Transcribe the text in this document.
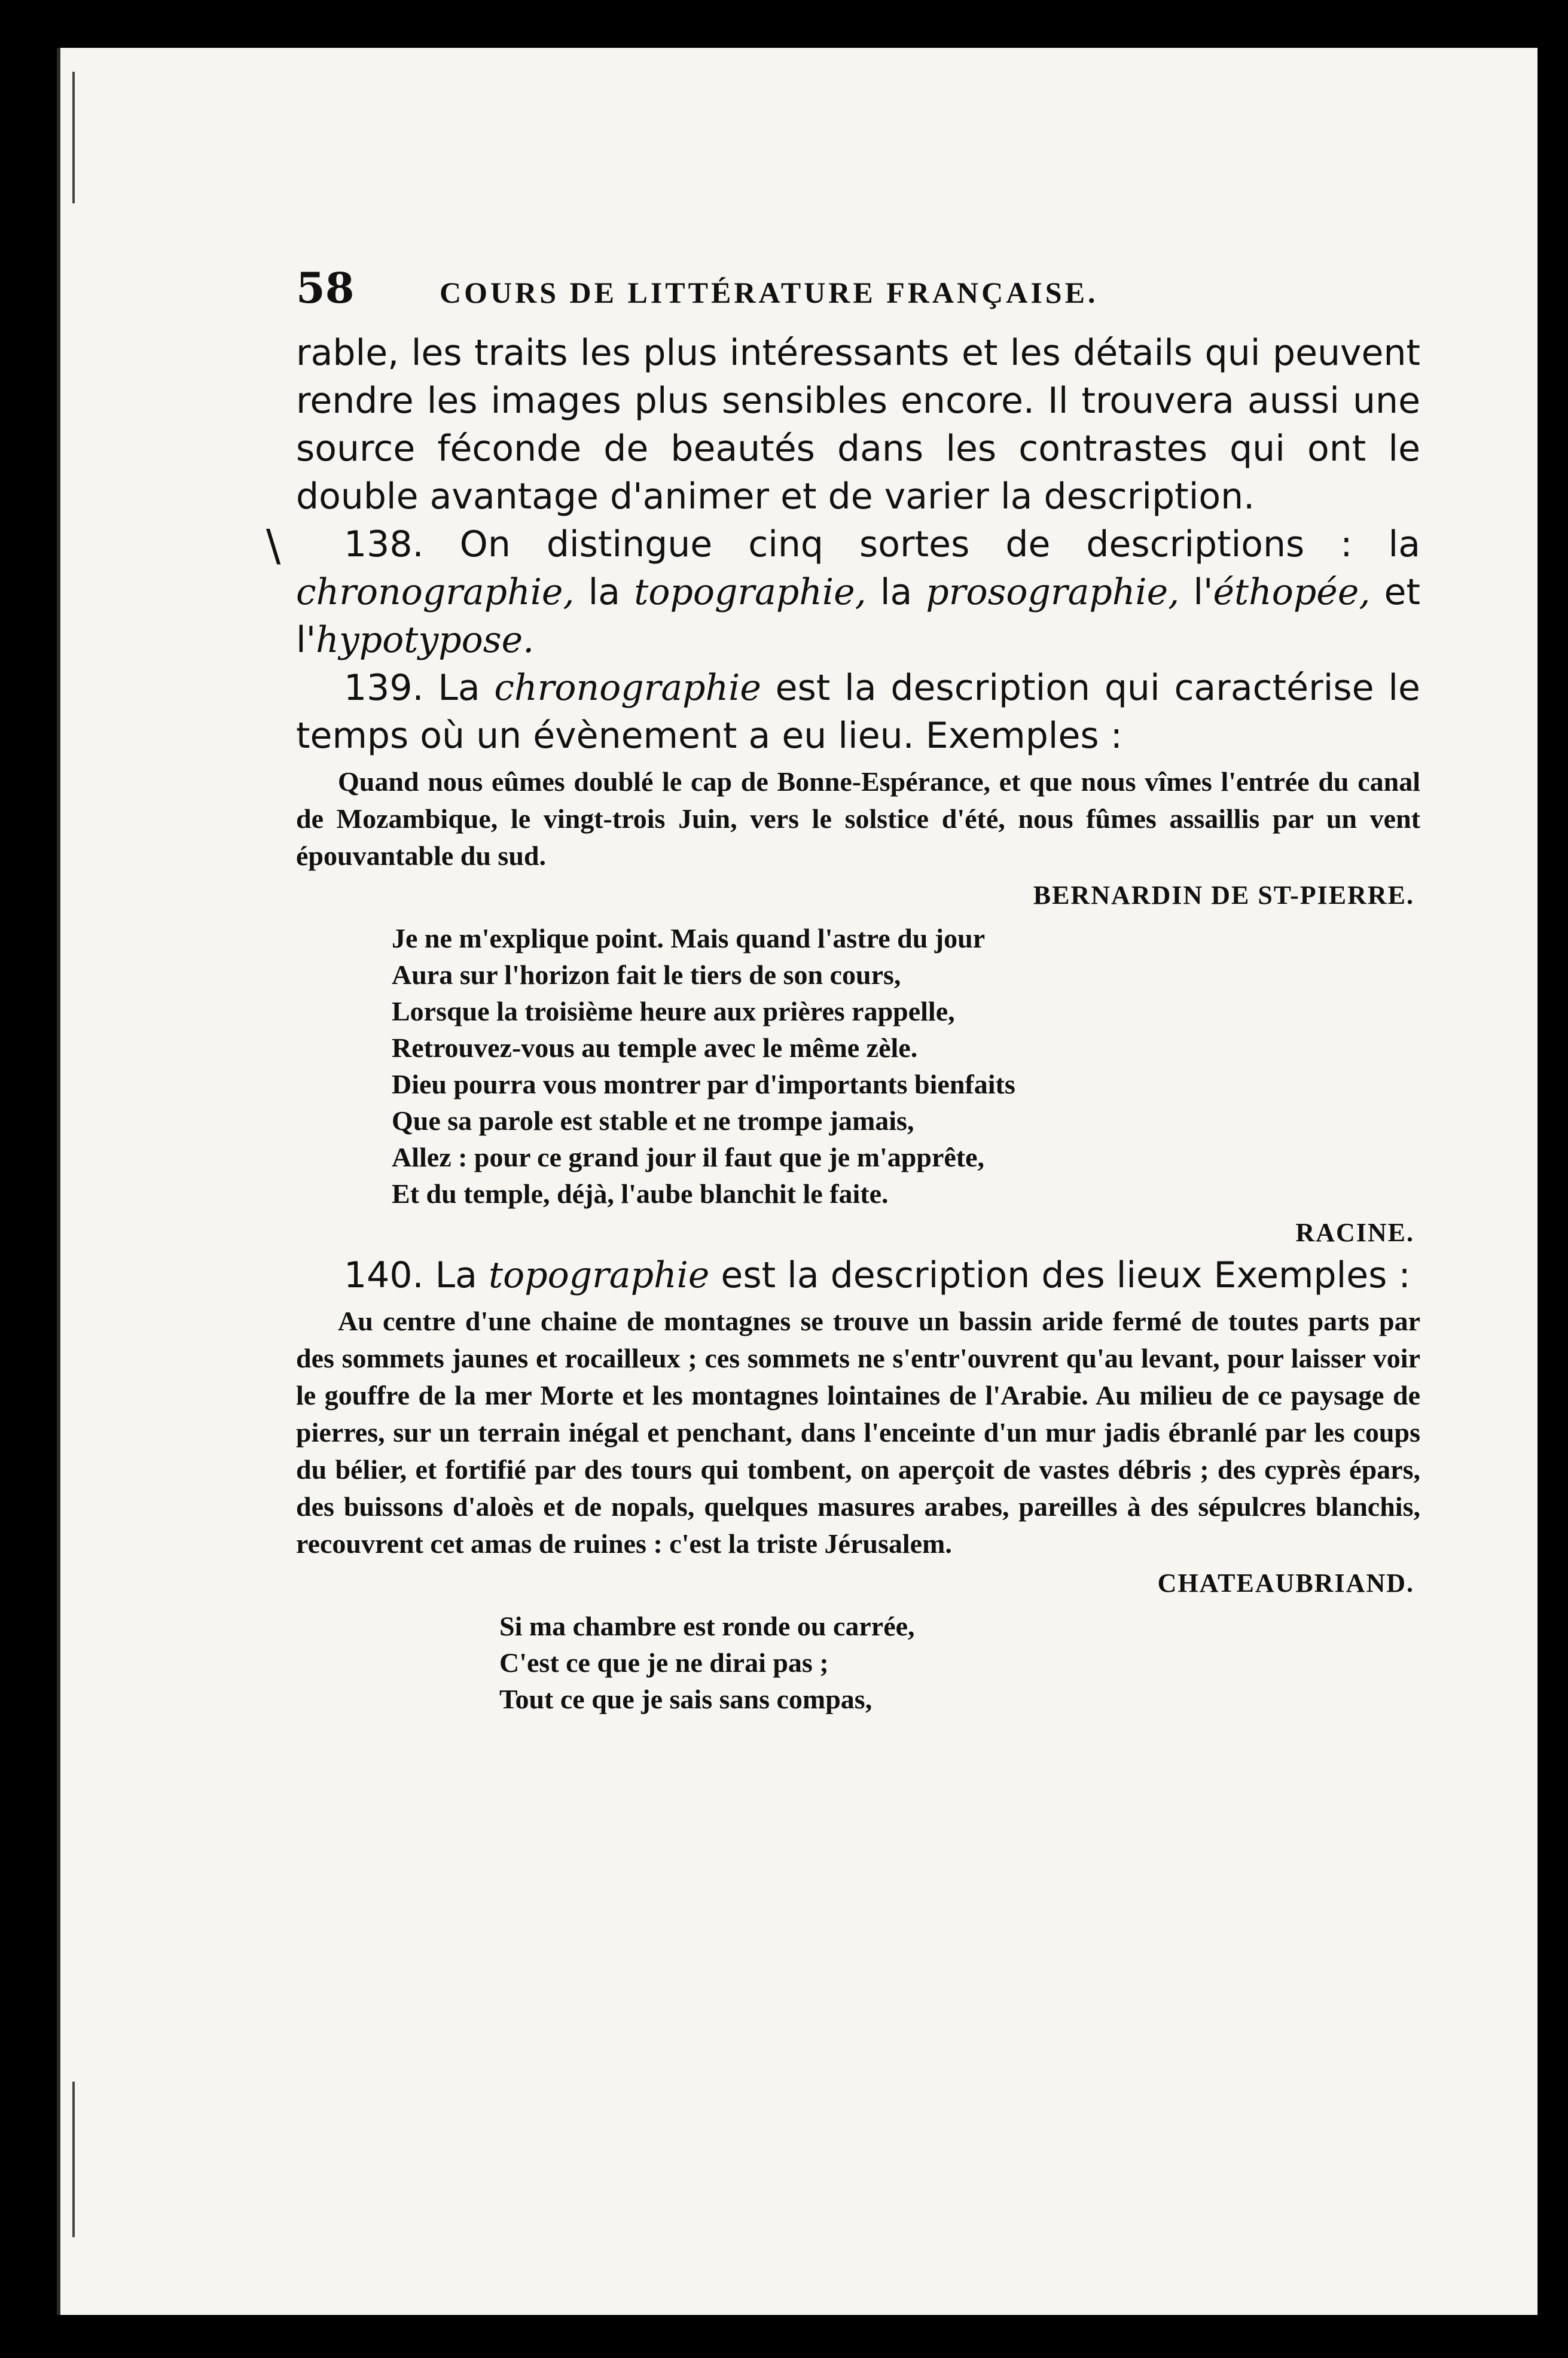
58	COURS DE LITTÉRATURE FRANÇAISE.

rable, les traits les plus intéressants et les détails qui peuvent rendre les images plus sensibles encore. Il trouvera aussi une source féconde de beautés dans les contrastes qui ont le double avantage d'animer et de varier la description.

\	138. On distingue cinq sortes de descriptions : la chronographie, la topographie, la prosographie, l'éthopée, et l'hypotypose.

139. La chronographie est la description qui caractérise le temps où un évènement a eu lieu. Exemples :

Quand nous eûmes doublé le cap de Bonne-Espérance, et que nous vîmes l'entrée du canal de Mozambique, le vingt-trois Juin, vers le solstice d'été, nous fûmes assaillis par un vent épouvantable du sud.

BERNARDIN DE ST-PIERRE.
Je ne m'explique point. Mais quand l'astre du jour
Aura sur l'horizon fait le tiers de son cours,
Lorsque la troisième heure aux prières rappelle,
Retrouvez-vous au temple avec le même zèle.
Dieu pourra vous montrer par d'importants bienfaits
Que sa parole est stable et ne trompe jamais,
Allez : pour ce grand jour il faut que je m'apprête,
Et du temple, déjà, l'aube blanchit le faite.
RACINE.

140. La topographie est la description des lieux Exemples :

Au centre d'une chaine de montagnes se trouve un bassin aride fermé de toutes parts par des sommets jaunes et rocailleux ; ces sommets ne s'entr'ouvrent qu'au levant, pour laisser voir le gouffre de la mer Morte et les montagnes lointaines de l'Arabie. Au milieu de ce paysage de pierres, sur un terrain inégal et penchant, dans l'enceinte d'un mur jadis ébranlé par les coups du bélier, et fortifié par des tours qui tombent, on aperçoit de vastes débris ; des cyprès épars, des buissons d'aloès et de nopals, quelques masures arabes, pareilles à des sépulcres blanchis, recouvrent cet amas de ruines : c'est la triste Jérusalem.

CHATEAUBRIAND.
Si ma chambre est ronde ou carrée,
C'est ce que je ne dirai pas ;
Tout ce que je sais sans compas,
